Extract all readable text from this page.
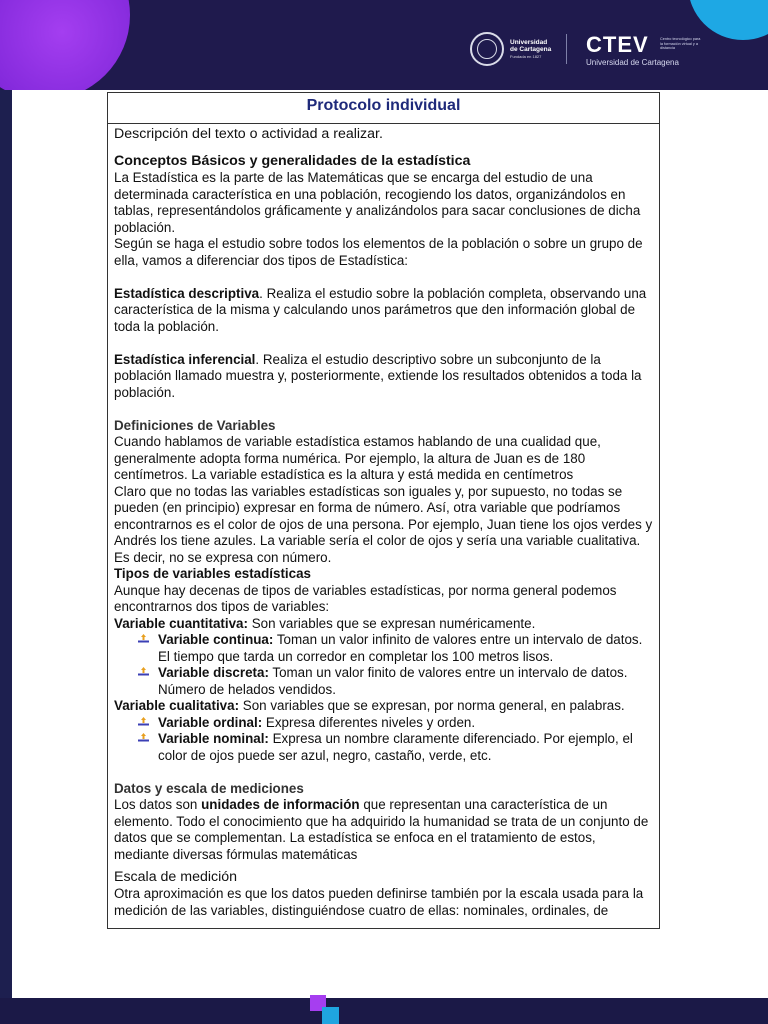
Universidad
de Cartagena
Fundada en 1827	CTEV	Centro tecnológico para la formación virtual y a distancia
Universidad de Cartagena
Protocolo individual

Descripción del texto o actividad a realizar.

Conceptos Básicos y generalidades de la estadística

La Estadística es la parte de las Matemáticas que se encarga del estudio de una determinada característica en una población, recogiendo los datos, organizándolos en tablas, representándolos gráficamente y analizándolos para sacar conclusiones de dicha población.

Según se haga el estudio sobre todos los elementos de la población o sobre un grupo de ella, vamos a diferenciar dos tipos de Estadística:

Estadística descriptiva. Realiza el estudio sobre la población completa, observando una característica de la misma y calculando unos parámetros que den información global de toda la población.

Estadística inferencial. Realiza el estudio descriptivo sobre un subconjunto de la población llamado muestra y, posteriormente, extiende los resultados obtenidos a toda la población.

Definiciones de Variables

Cuando hablamos de variable estadística estamos hablando de una cualidad que, generalmente adopta forma numérica. Por ejemplo, la altura de Juan es de 180 centímetros. La variable estadística es la altura y está medida en centímetros

Claro que no todas las variables estadísticas son iguales y, por supuesto, no todas se pueden (en principio) expresar en forma de número. Así, otra variable que podríamos encontrarnos es el color de ojos de una persona. Por ejemplo, Juan tiene los ojos verdes y Andrés los tiene azules. La variable sería el color de ojos y sería una variable cualitativa. Es decir, no se expresa con número.

Tipos de variables estadísticas

Aunque hay decenas de tipos de variables estadísticas, por norma general podemos encontrarnos dos tipos de variables:

Variable cuantitativa: Son variables que se expresan numéricamente.

Variable continua: Toman un valor infinito de valores entre un intervalo de datos. El tiempo que tarda un corredor en completar los 100 metros lisos.
Variable discreta: Toman un valor finito de valores entre un intervalo de datos. Número de helados vendidos.

Variable cualitativa: Son variables que se expresan, por norma general, en palabras.

Variable ordinal: Expresa diferentes niveles y orden.
Variable nominal: Expresa un nombre claramente diferenciado. Por ejemplo, el color de ojos puede ser azul, negro, castaño, verde, etc.

Datos y escala de mediciones

Los datos son unidades de información que representan una característica de un elemento. Todo el conocimiento que ha adquirido la humanidad se trata de un conjunto de datos que se complementan. La estadística se enfoca en el tratamiento de estos, mediante diversas fórmulas matemáticas

Escala de medición

Otra aproximación es que los datos pueden definirse también por la escala usada para la medición de las variables, distinguiéndose cuatro de ellas: nominales, ordinales, de
